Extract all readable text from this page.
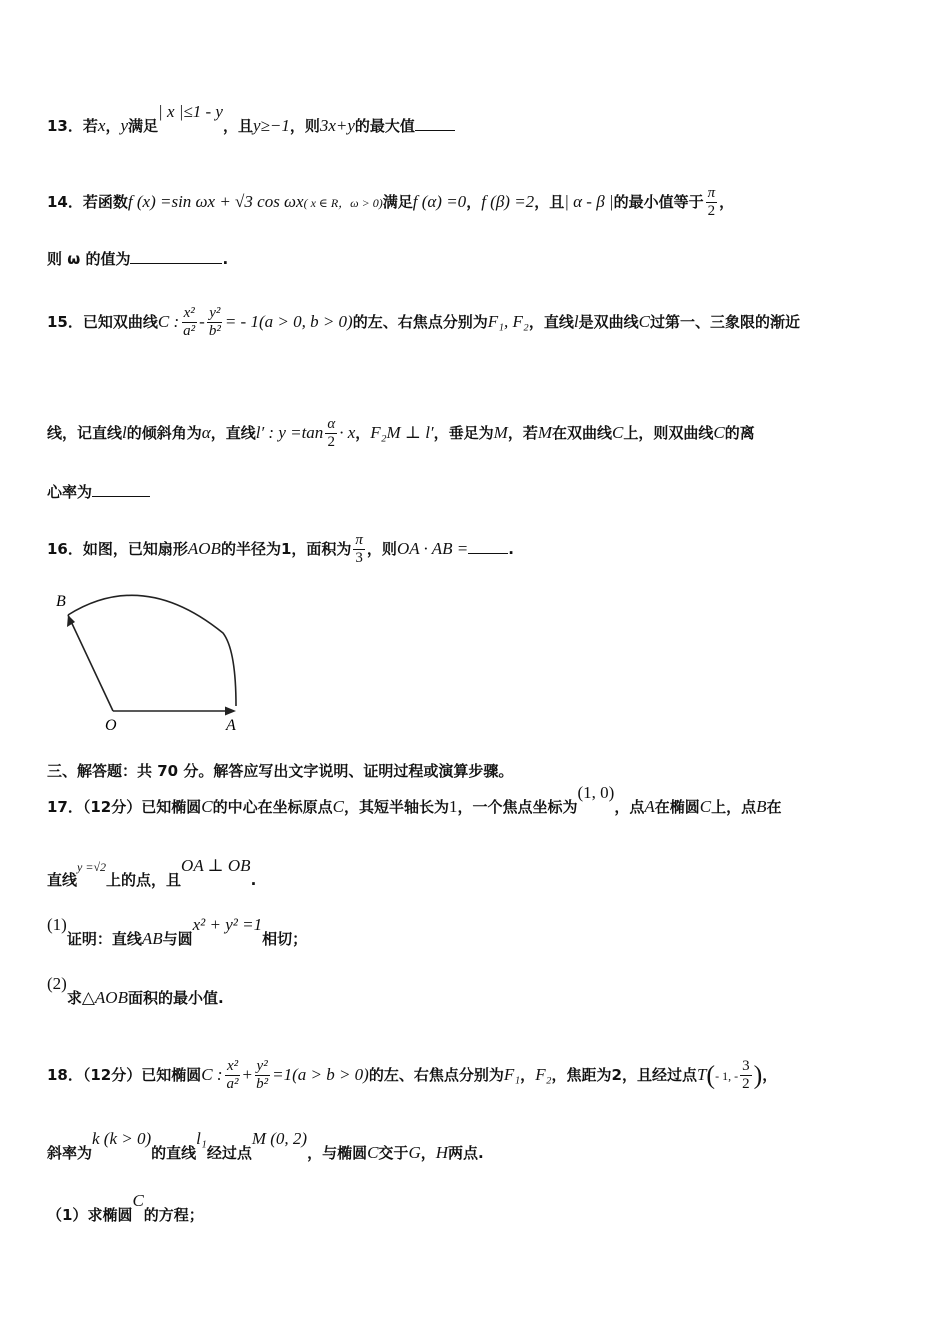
13．若x，y满足| x |≤1 - y，且y≥−1，则3x+y的最大值
14．若函数f (x) =sin ωx + √3 cos ωx( x ∈ R，ω > 0)满足f (α) =0，f (β) =2，且| α - β |的最小值等于 $\frac{\pi}{2}$ ，
则 ω 的值为	.
15．已知双曲线C : $\frac{\text{x²}}{\text{a²}} - \frac{\text{y²}}{\text{b²}}$ = - 1(a > 0, b > 0)的左、右焦点分别为F₁, F₂，直线l是双曲线C过第一、三象限的渐近
线，记直线l的倾斜角为α，直线l′ : $y =\tan \frac{\alpha}{2} \cdot x$，F₂M ⊥ l′，垂足为M，若M在双曲线C上，则双曲线C的离
心率为
16．如图，已知扇形AOB的半径为1，面积为 $\frac{\pi}{3}$ ，则OA · AB =	.
B
O	A
三、解答题：共 70 分。解答应写出文字说明、证明过程或演算步骤。
17．（12分）已知椭圆C的中心在坐标原点C，其短半轴长为1，一个焦点坐标为(1, 0)，点A在椭圆C上，点B在
直线$^{y =√2}$上的点，且OA ⊥ OB.
(1)证明：直线AB与圆x² + y² =1相切；
(2)求△AOB面积的最小值.
18．（12分）已知椭圆C : $\frac{\text{x²}}{\text{a²}} + \frac{\text{y²}}{\text{b²}} =1(a > b > 0)$的左、右焦点分别为F₁，F₂，焦距为2，且经过点T(- 1, - $\frac{3}{2}$ )，
斜率为k (k > 0)的直线l₁经过点M (0, 2)，与椭圆C交于G，H两点.
（1）求椭圆C的方程；
